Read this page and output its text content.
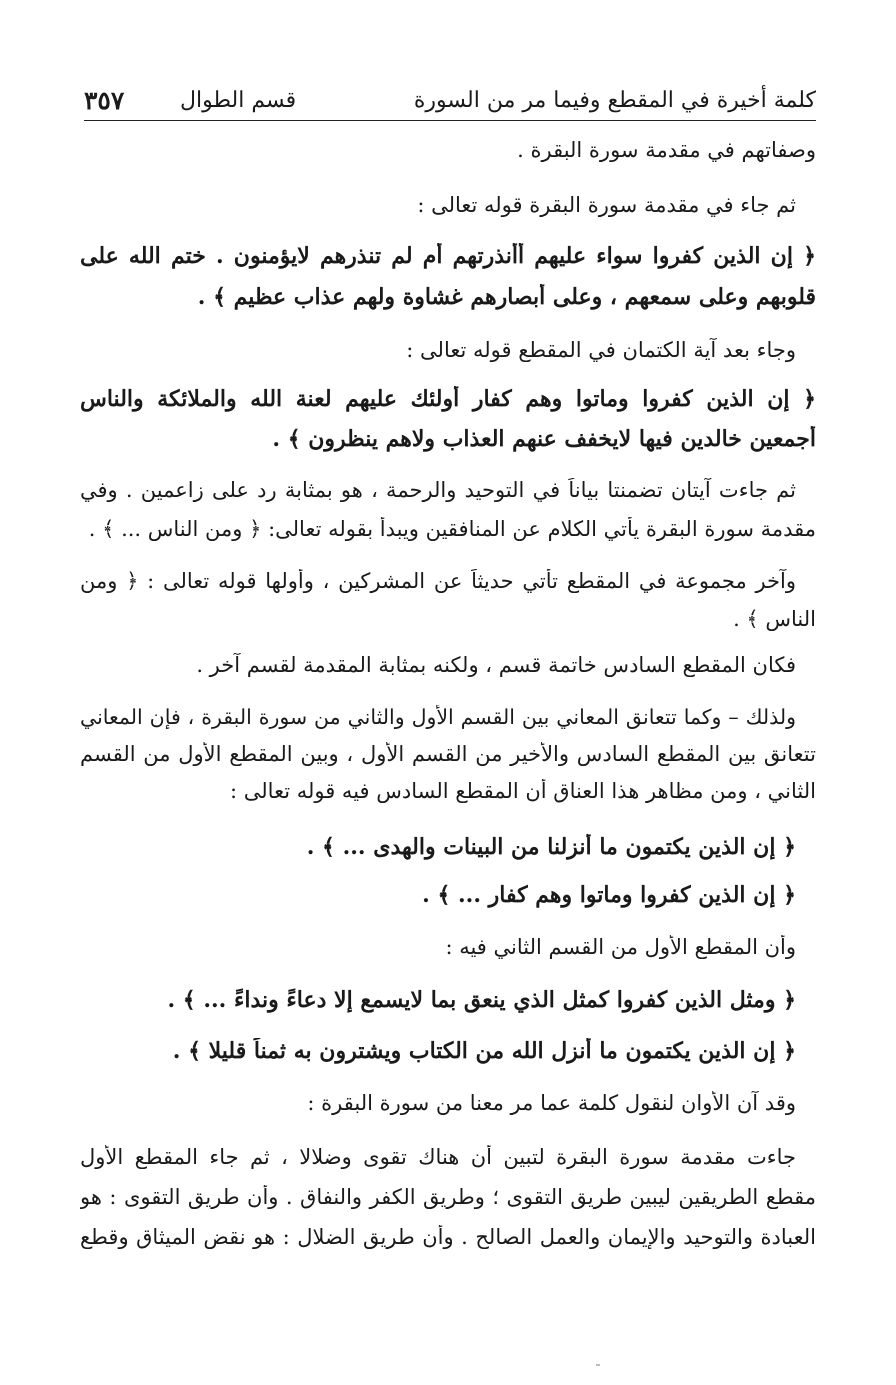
كلمة أخيرة في المقطع وفيما مر من السورة
قسم الطوال
٣٥٧
وصفاتهم في مقدمة سورة البقرة .
ثم جاء في مقدمة سورة البقرة قوله تعالى :
﴿ إن الذين كفروا سواء عليهم أأنذرتهم أم لم تنذرهم لايؤمنون . ختم الله على
قلوبهم وعلى سمعهم ، وعلى أبصارهم غشاوة ولهم عذاب عظيم ﴾ .
وجاء بعد آية الكتمان في المقطع قوله تعالى :
﴿ إن الذين كفروا وماتوا وهم كفار أولئك عليهم لعنة الله والملائكة والناس
أجمعين خالدين فيها لايخفف عنهم العذاب ولاهم ينظرون ﴾ .
ثم جاءت آيتان تضمنتا بياناً في التوحيد والرحمة ، هو بمثابة رد على زاعمين . وفي
مقدمة سورة البقرة يأتي الكلام عن المنافقين ويبدأ بقوله تعالى: ﴿ ومن الناس ... ﴾ .
وآخر مجموعة في المقطع تأتي حديثاً عن المشركين ، وأولها قوله تعالى : ﴿ ومن
الناس ﴾ .
فكان المقطع السادس خاتمة قسم ، ولكنه بمثابة المقدمة لقسم آخر .
ولذلك – وكما تتعانق المعاني بين القسم الأول والثاني من سورة البقرة ، فإن المعاني
تتعانق بين المقطع السادس والأخير من القسم الأول ، وبين المقطع الأول من القسم
الثاني ، ومن مظاهر هذا العناق أن المقطع السادس فيه قوله تعالى :
﴿ إن الذين يكتمون ما أنزلنا من البينات والهدى ... ﴾ .
﴿ إن الذين كفروا وماتوا وهم كفار ... ﴾ .
وأن المقطع الأول من القسم الثاني فيه :
﴿ ومثل الذين كفروا كمثل الذي ينعق بما لايسمع إلا دعاءً ونداءً ... ﴾ .
﴿ إن الذين يكتمون ما أنزل الله من الكتاب ويشترون به ثمناً قليلا ﴾ .
وقد آن الأوان لنقول كلمة عما مر معنا من سورة البقرة :
جاءت مقدمة سورة البقرة لتبين أن هناك تقوى وضلالا ، ثم جاء المقطع الأول
مقطع الطريقين ليبين طريق التقوى ؛ وطريق الكفر والنفاق . وأن طريق التقوى : هو
العبادة والتوحيد والإيمان والعمل الصالح . وأن طريق الضلال : هو نقض الميثاق وقطع
